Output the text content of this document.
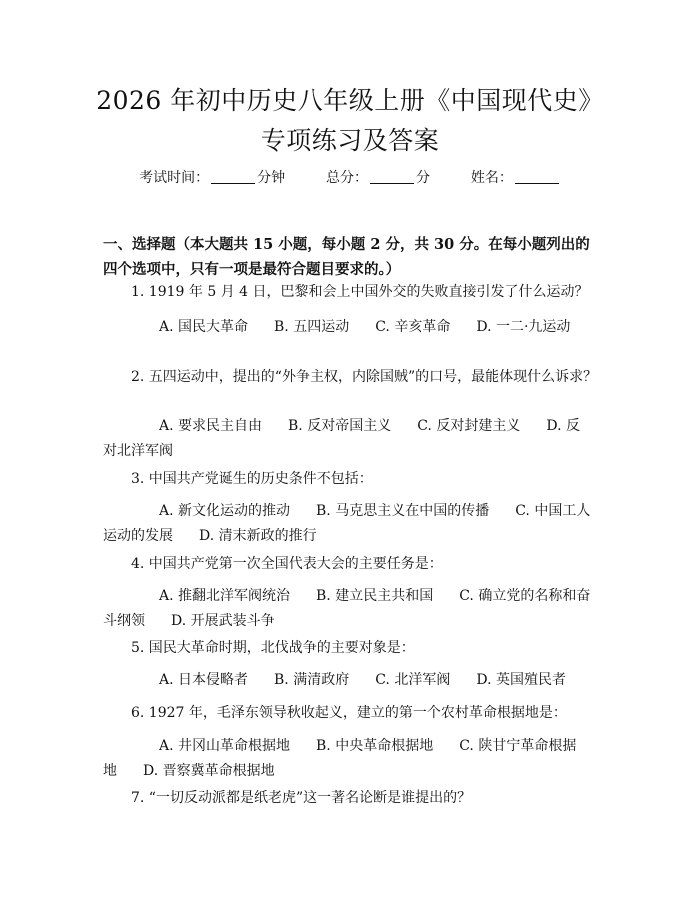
2026 年初中历史八年级上册《中国现代史》
专项练习及答案
考试时间：	分钟	总分：	分	姓名：
一、选择题（本大题共 15 小题，每小题 2 分，共 30 分。在每小题列出的四个选项中，只有一项是最符合题目要求的。）
1. 1919 年 5 月 4 日，巴黎和会上中国外交的失败直接引发了什么运动？
A. 国民大革命 B. 五四运动 C. 辛亥革命 D. 一二·九运动
2. 五四运动中，提出的“外争主权，内除国贼”的口号，最能体现什么诉求？
A. 要求民主自由 B. 反对帝国主义 C. 反对封建主义 D. 反对北洋军阀
3. 中国共产党诞生的历史条件不包括：
A. 新文化运动的推动 B. 马克思主义在中国的传播 C. 中国工人运动的发展 D. 清末新政的推行
4. 中国共产党第一次全国代表大会的主要任务是：
A. 推翻北洋军阀统治 B. 建立民主共和国 C. 确立党的名称和奋斗纲领 D. 开展武装斗争
5. 国民大革命时期，北伐战争的主要对象是：
A. 日本侵略者 B. 满清政府 C. 北洋军阀 D. 英国殖民者
6. 1927 年，毛泽东领导秋收起义，建立的第一个农村革命根据地是：
A. 井冈山革命根据地 B. 中央革命根据地 C. 陕甘宁革命根据地 D. 晋察冀革命根据地
7. “一切反动派都是纸老虎”这一著名论断是谁提出的？
